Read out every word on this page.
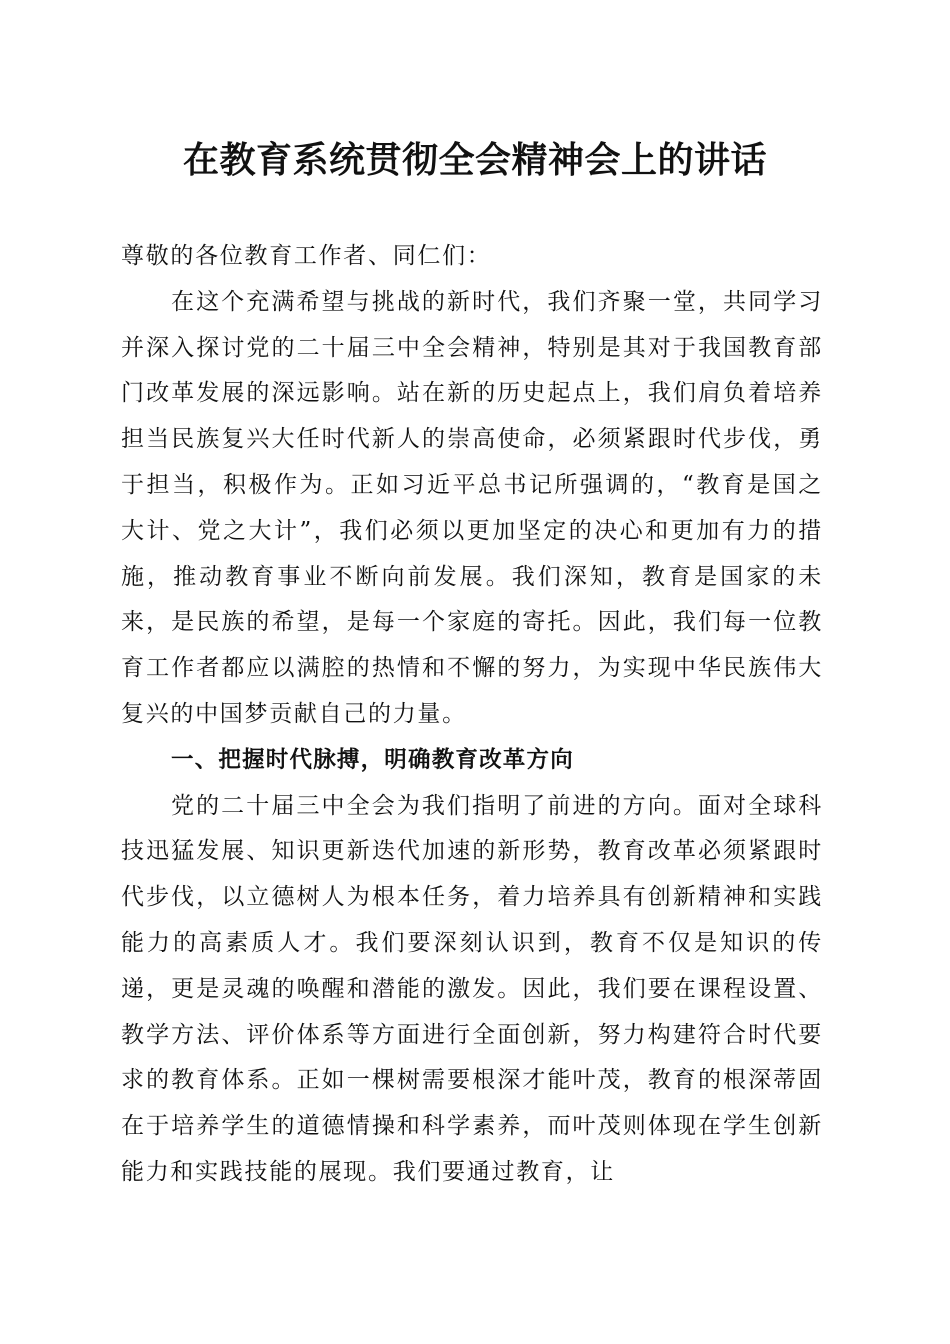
在教育系统贯彻全会精神会上的讲话

尊敬的各位教育工作者、同仁们：

在这个充满希望与挑战的新时代，我们齐聚一堂，共同学习并深入探讨党的二十届三中全会精神，特别是其对于我国教育部门改革发展的深远影响。站在新的历史起点上，我们肩负着培养担当民族复兴大任时代新人的崇高使命，必须紧跟时代步伐，勇于担当，积极作为。正如习近平总书记所强调的，“教育是国之大计、党之大计”，我们必须以更加坚定的决心和更加有力的措施，推动教育事业不断向前发展。我们深知，教育是国家的未来，是民族的希望，是每一个家庭的寄托。因此，我们每一位教育工作者都应以满腔的热情和不懈的努力，为实现中华民族伟大复兴的中国梦贡献自己的力量。

一、把握时代脉搏，明确教育改革方向

党的二十届三中全会为我们指明了前进的方向。面对全球科技迅猛发展、知识更新迭代加速的新形势，教育改革必须紧跟时代步伐，以立德树人为根本任务，着力培养具有创新精神和实践能力的高素质人才。我们要深刻认识到，教育不仅是知识的传递，更是灵魂的唤醒和潜能的激发。因此，我们要在课程设置、教学方法、评价体系等方面进行全面创新，努力构建符合时代要求的教育体系。正如一棵树需要根深才能叶茂，教育的根深蒂固在于培养学生的道德情操和科学素养，而叶茂则体现在学生创新能力和实践技能的展现。我们要通过教育，让
